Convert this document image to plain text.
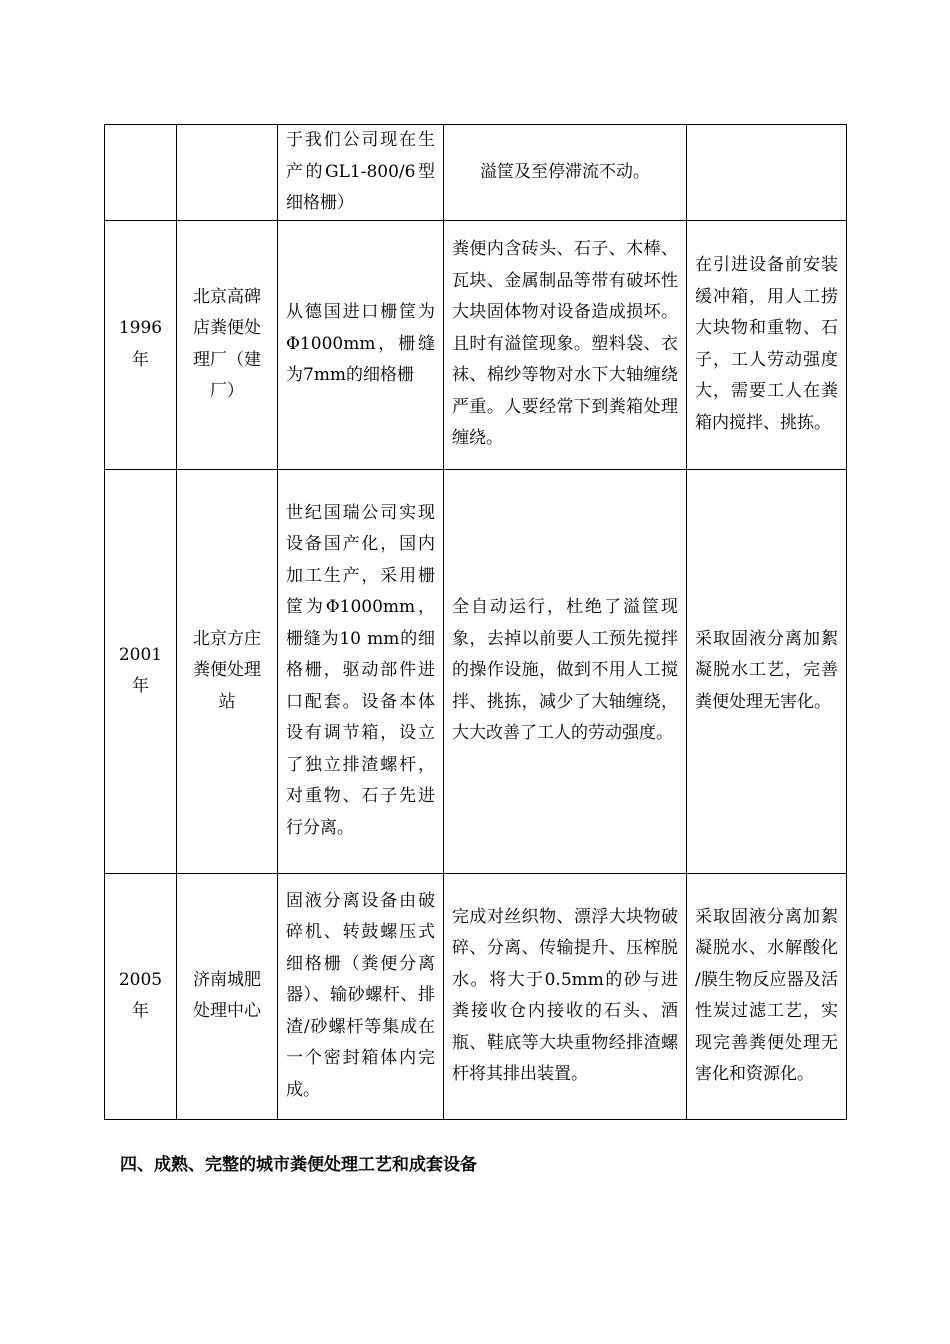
		于我们公司现在生产的GL1-800/6型细格栅）	溢筐及至停滞流不动。	
1996年	北京高碑店粪便处理厂（建厂）	从德国进口栅筐为Φ1000mm，栅缝为7mm的细格栅	粪便内含砖头、石子、木棒、瓦块、金属制品等带有破坏性大块固体物对设备造成损坏。且时有溢筐现象。塑料袋、衣袜、棉纱等物对水下大轴缠绕严重。人要经常下到粪箱处理缠绕。	在引进设备前安装缓冲箱，用人工捞大块物和重物、石子，工人劳动强度大，需要工人在粪箱内搅拌、挑拣。
2001年	北京方庄粪便处理站	世纪国瑞公司实现设备国产化，国内加工生产，采用栅筐为Φ1000mm，栅缝为10 mm的细格栅，驱动部件进口配套。设备本体设有调节箱，设立了独立排渣螺杆，对重物、石子先进行分离。	全自动运行，杜绝了溢筐现象，去掉以前要人工预先搅拌的操作设施，做到不用人工搅拌、挑拣，减少了大轴缠绕，大大改善了工人的劳动强度。	采取固液分离加絮凝脱水工艺，完善粪便处理无害化。
2005年	济南城肥处理中心	固液分离设备由破碎机、转鼓螺压式细格栅（粪便分离器）、输砂螺杆、排渣/砂螺杆等集成在一个密封箱体内完成。	完成对丝织物、漂浮大块物破碎、分离、传输提升、压榨脱水。将大于0.5mm的砂与进粪接收仓内接收的石头、酒瓶、鞋底等大块重物经排渣螺杆将其排出装置。	采取固液分离加絮凝脱水、水解酸化 /膜生物反应器及活性炭过滤工艺，实现完善粪便处理无害化和资源化。
四、成熟、完整的城市粪便处理工艺和成套设备
